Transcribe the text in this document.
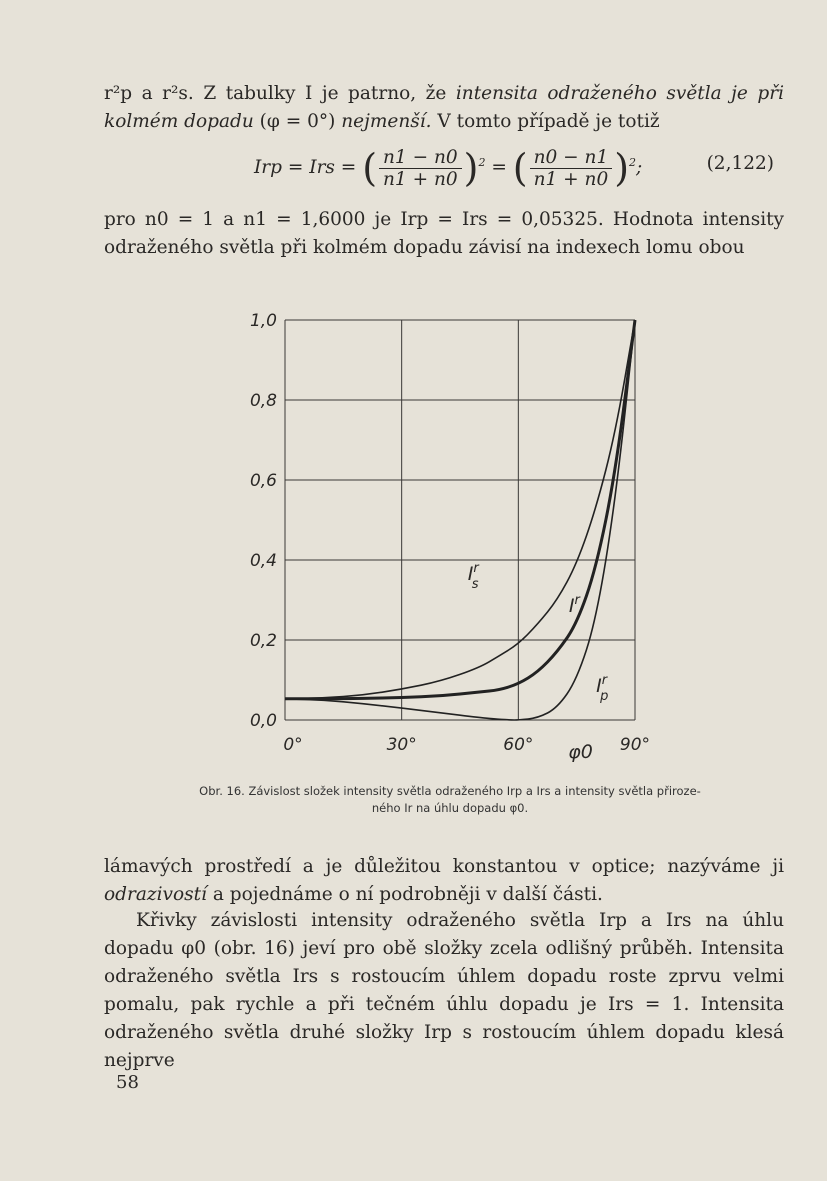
r²p a r²s. Z tabulky I je patrno, že intensita odraženého světla je při kolmém dopadu (φ = 0°) nejmenší. V tomto případě je totiž
Irp = Irs = ( $\frac{n1 - n0}{n1 + n0} )^2$ = ( $\frac{n0 - n1}{n1 + n0} )^2$;	(2,122)
pro n0 = 1 a n1 = 1,6000 je Irp = Irs = 0,05325. Hodnota intensity odraženého světla při kolmém dopadu závisí na indexech lomu obou
$I^r$ s
$I^r$
$I^r$ p
0,0
0,2
0,4
0,6
0,8
1,0
0°	30°	60°	90°
φ0
Obr. 16. Závislost složek intensity světla odraženého Irp a Irs a intensity světla přiroze-
ného Ir na úhlu dopadu φ0.
lámavých prostředí a je důležitou konstantou v optice; nazýváme ji odrazivostí a pojednáme o ní podrobněji v další části.
Křivky závislosti intensity odraženého světla Irp a Irs na úhlu dopadu φ0 (obr. 16) jeví pro obě složky zcela odlišný průběh. Intensita odraženého světla Irs s rostoucím úhlem dopadu roste zprvu velmi pomalu, pak rychle a při tečném úhlu dopadu je Irs = 1. Intensita odraženého světla druhé složky Irp s rostoucím úhlem dopadu klesá nejprve
58
